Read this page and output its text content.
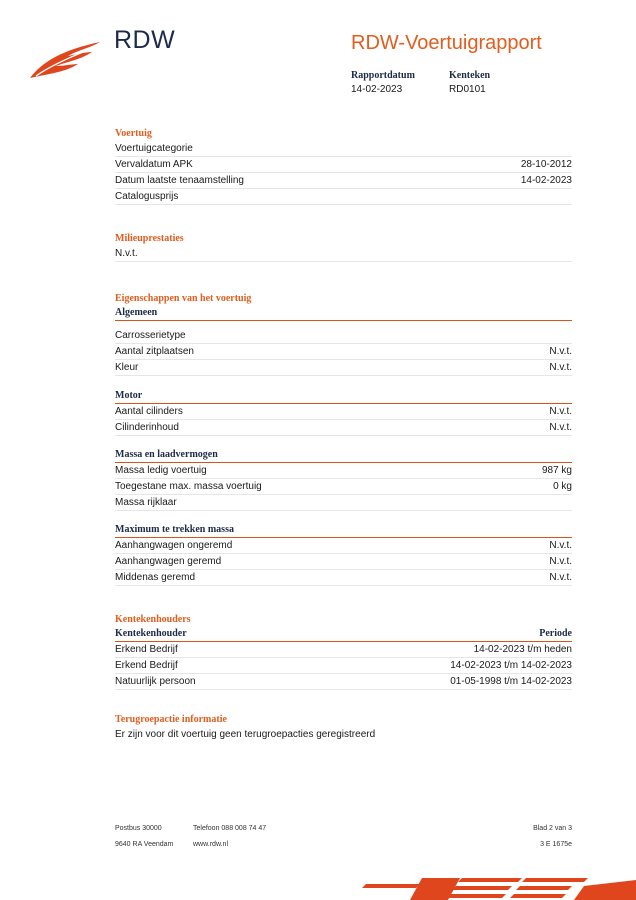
RDW	RDW-Voertuigrapport
Rapportdatum
14-02-2023
Kenteken
RD0101
Voertuig
Voertuigcategorie
Vervaldatum APK	28-10-2012
Datum laatste tenaamstelling	14-02-2023
Catalogusprijs
Milieuprestaties
N.v.t.
Eigenschappen van het voertuig
Algemeen
Carrosserietype
Aantal zitplaatsen	N.v.t.
Kleur	N.v.t.
Motor
Aantal cilinders	N.v.t.
Cilinderinhoud	N.v.t.
Massa en laadvermogen
Massa ledig voertuig	987 kg
Toegestane max. massa voertuig	0 kg
Massa rijklaar
Maximum te trekken massa
Aanhangwagen ongeremd	N.v.t.
Aanhangwagen geremd	N.v.t.
Middenas geremd	N.v.t.
Kentekenhouders
Kentekenhouder	Periode
Erkend Bedrijf	14-02-2023 t/m heden
Erkend Bedrijf	14-02-2023 t/m 14-02-2023
Natuurlijk persoon	01-05-1998 t/m 14-02-2023
Terugroepactie informatie
Er zijn voor dit voertuig geen terugroepacties geregistreerd
Postbus 30000
9640 RA Veendam
Telefoon 088 008 74 47
www.rdw.nl
Blad 2 van 3
3 E 1675e
